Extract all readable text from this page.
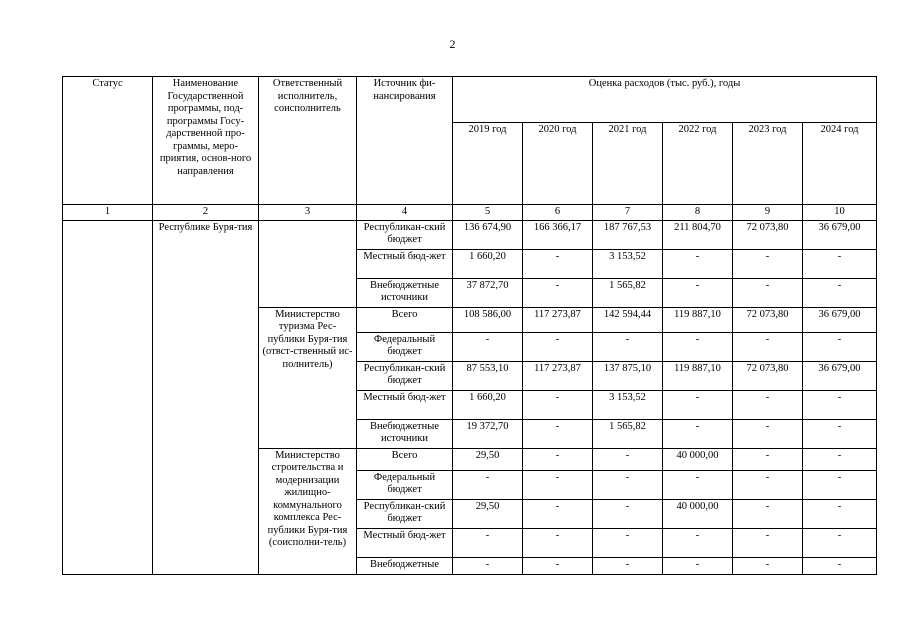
2
Статус	Наименование Государственной программы, под-программы Госу-дарственной про-граммы, меро-приятия, основ-ного направления	Ответственный исполнитель, соисполнитель	Источник фи-нансирования	Оценка расходов (тыс. руб.), годы					
				2019 год	2020 год	2021 год	2022 год	2023 год	2024 год
1	2	3	4	5	6	7	8	9	10
	Республике Буря-тия		Республикан-ский бюджет	136 674,90	166 366,17	187 767,53	211 804,70	72 073,80	36 679,00
			Местный бюд-жет	1 660,20	-	3 153,52	-	-	-
			Внебюджетные источники	37 872,70	-	1 565,82	-	-	-
		Министерство туризма Рес-публики Буря-тия (отвст-ственный ис-полнитель)	Всего	108 586,00	117 273,87	142 594,44	119 887,10	72 073,80	36 679,00
			Федеральный бюджет	-	-	-	-	-	-
			Республикан-ский бюджет	87 553,10	117 273,87	137 875,10	119 887,10	72 073,80	36 679,00
			Местный бюд-жет	1 660,20	-	3 153,52	-	-	-
			Внебюджетные источники	19 372,70	-	1 565,82	-	-	-
		Министерство строительства и модернизации жилищно-коммунального комплекса Рес-публики Буря-тия (соисполни-тель)	Всего	29,50	-	-	40 000,00	-	-
			Федеральный бюджет	-	-	-	-	-	-
			Республикан-ский бюджет	29,50	-	-	40 000,00	-	-
			Местный бюд-жет	-	-	-	-	-	-
			Внебюджетные	-	-	-	-	-	-
